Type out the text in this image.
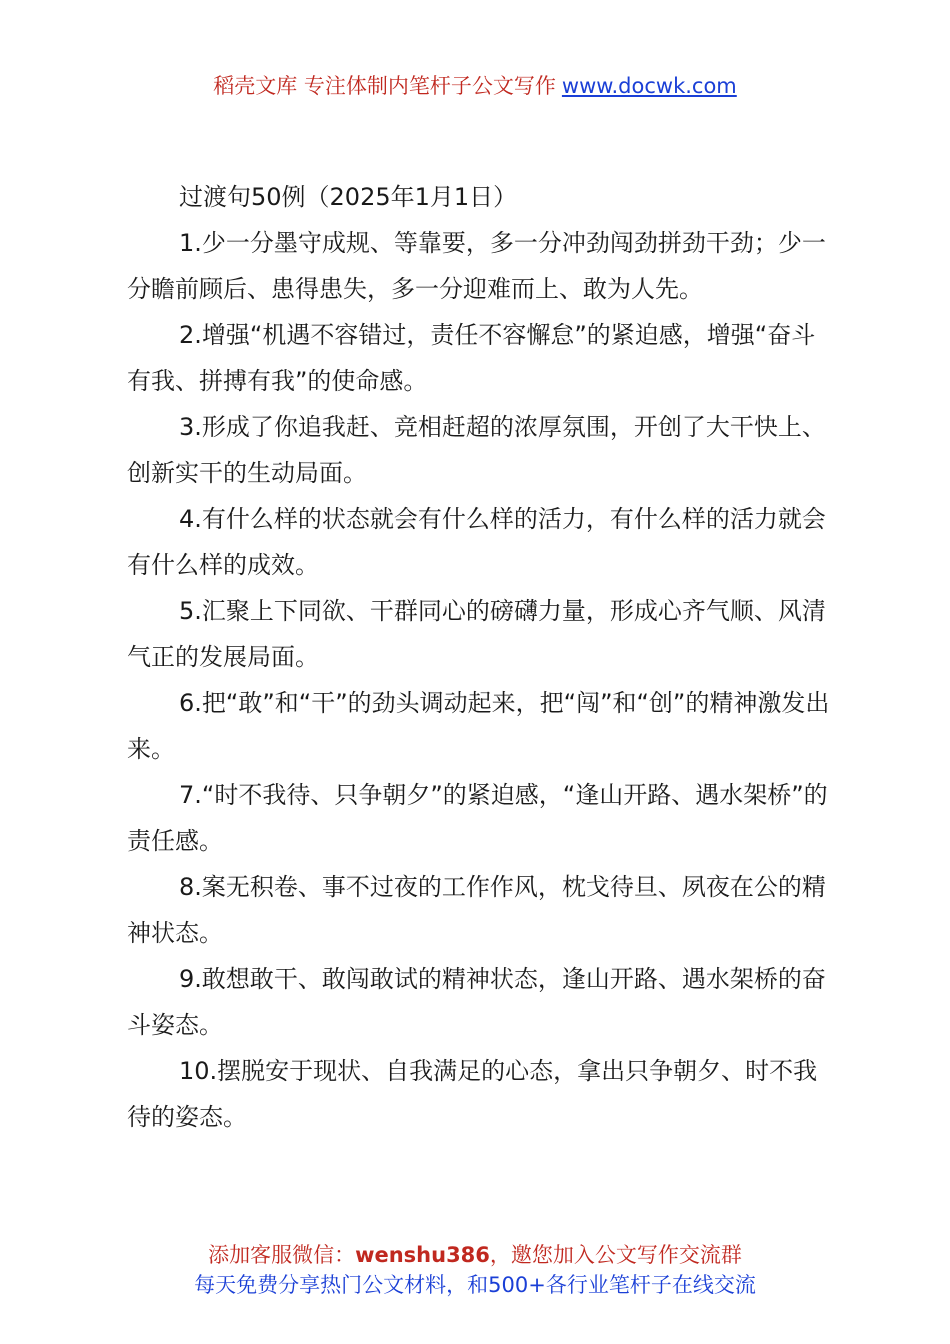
稻壳文库 专注体制内笔杆子公文写作 www.docwk.com

过渡句50例（2025年1月1日）

1.少一分墨守成规、等靠要，多一分冲劲闯劲拼劲干劲；少一分瞻前顾后、患得患失，多一分迎难而上、敢为人先。

2.增强“机遇不容错过，责任不容懈怠”的紧迫感，增强“奋斗有我、拼搏有我”的使命感。

3.形成了你追我赶、竞相赶超的浓厚氛围，开创了大干快上、创新实干的生动局面。

4.有什么样的状态就会有什么样的活力，有什么样的活力就会有什么样的成效。

5.汇聚上下同欲、干群同心的磅礴力量，形成心齐气顺、风清气正的发展局面。

6.把“敢”和“干”的劲头调动起来，把“闯”和“创”的精神激发出来。

7.“时不我待、只争朝夕”的紧迫感，“逢山开路、遇水架桥”的责任感。

8.案无积卷、事不过夜的工作作风，枕戈待旦、夙夜在公的精神状态。

9.敢想敢干、敢闯敢试的精神状态，逢山开路、遇水架桥的奋斗姿态。

10.摆脱安于现状、自我满足的心态，拿出只争朝夕、时不我待的姿态。

添加客服微信：wenshu386，邀您加入公文写作交流群
每天免费分享热门公文材料，和500+各行业笔杆子在线交流
